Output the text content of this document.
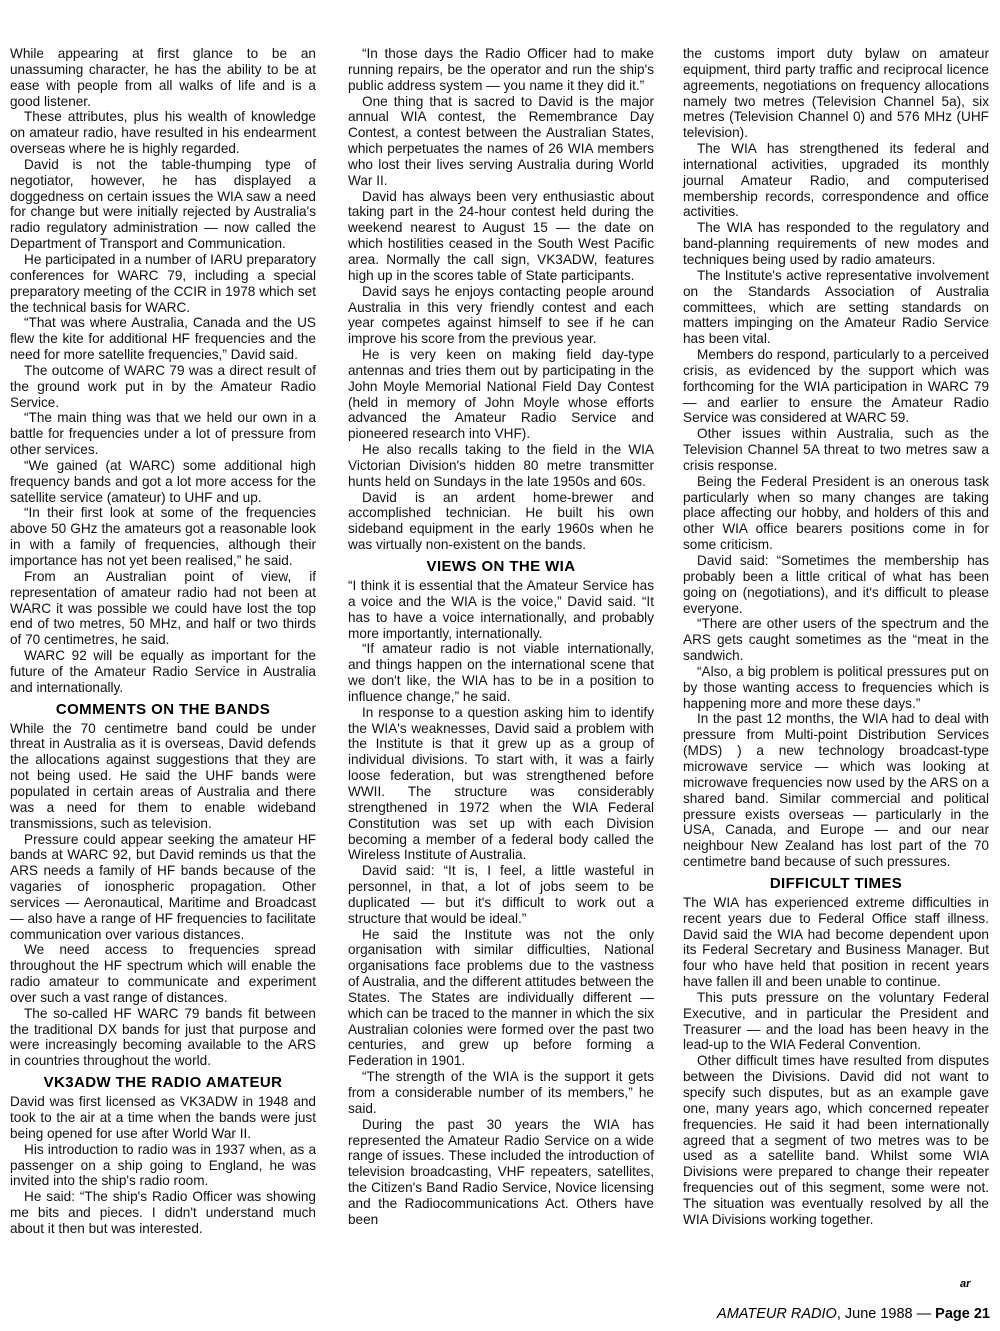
While appearing at first glance to be an unassuming character, he has the ability to be at ease with people from all walks of life and is a good listener.

These attributes, plus his wealth of knowledge on amateur radio, have resulted in his endearment overseas where he is highly regarded.

David is not the table-thumping type of negotiator, however, he has displayed a doggedness on certain issues the WIA saw a need for change but were initially rejected by Australia's radio regulatory administration — now called the Department of Transport and Communication.

He participated in a number of IARU preparatory conferences for WARC 79, including a special preparatory meeting of the CCIR in 1978 which set the technical basis for WARC.

“That was where Australia, Canada and the US flew the kite for additional HF frequencies and the need for more satellite frequencies,” David said.

The outcome of WARC 79 was a direct result of the ground work put in by the Amateur Radio Service.

“The main thing was that we held our own in a battle for frequencies under a lot of pressure from other services.

“We gained (at WARC) some additional high frequency bands and got a lot more access for the satellite service (amateur) to UHF and up.

“In their first look at some of the frequencies above 50 GHz the amateurs got a reasonable look in with a family of frequencies, although their importance has not yet been realised,” he said.

From an Australian point of view, if representation of amateur radio had not been at WARC it was possible we could have lost the top end of two metres, 50 MHz, and half or two thirds of 70 centimetres, he said.

WARC 92 will be equally as important for the future of the Amateur Radio Service in Australia and internationally.

COMMENTS ON THE BANDS

While the 70 centimetre band could be under threat in Australia as it is overseas, David defends the allocations against suggestions that they are not being used. He said the UHF bands were populated in certain areas of Australia and there was a need for them to enable wideband transmissions, such as television.

Pressure could appear seeking the amateur HF bands at WARC 92, but David reminds us that the ARS needs a family of HF bands because of the vagaries of ionospheric propagation. Other services — Aeronautical, Maritime and Broadcast — also have a range of HF frequencies to facilitate communication over various distances.

We need access to frequencies spread throughout the HF spectrum which will enable the radio amateur to communicate and experiment over such a vast range of distances.

The so-called HF WARC 79 bands fit between the traditional DX bands for just that purpose and were increasingly becoming available to the ARS in countries throughout the world.

VK3ADW THE RADIO AMATEUR

David was first licensed as VK3ADW in 1948 and took to the air at a time when the bands were just being opened for use after World War II.

His introduction to radio was in 1937 when, as a passenger on a ship going to England, he was invited into the ship's radio room.

He said: “The ship's Radio Officer was showing me bits and pieces. I didn't understand much about it then but was interested.

“In those days the Radio Officer had to make running repairs, be the operator and run the ship's public address system — you name it they did it.”

One thing that is sacred to David is the major annual WIA contest, the Remembrance Day Contest, a contest between the Australian States, which perpetuates the names of 26 WIA members who lost their lives serving Australia during World War II.

David has always been very enthusiastic about taking part in the 24-hour contest held during the weekend nearest to August 15 — the date on which hostilities ceased in the South West Pacific area. Normally the call sign, VK3ADW, features high up in the scores table of State participants.

David says he enjoys contacting people around Australia in this very friendly contest and each year competes against himself to see if he can improve his score from the previous year.

He is very keen on making field day-type antennas and tries them out by participating in the John Moyle Memorial National Field Day Contest (held in memory of John Moyle whose efforts advanced the Amateur Radio Service and pioneered research into VHF).

He also recalls taking to the field in the WIA Victorian Division's hidden 80 metre transmitter hunts held on Sundays in the late 1950s and 60s.

David is an ardent home-brewer and accomplished technician. He built his own sideband equipment in the early 1960s when he was virtually non-existent on the bands.

VIEWS ON THE WIA

“I think it is essential that the Amateur Service has a voice and the WIA is the voice,” David said. “It has to have a voice internationally, and probably more importantly, internationally.

“If amateur radio is not viable internationally, and things happen on the international scene that we don't like, the WIA has to be in a position to influence change,” he said.

In response to a question asking him to identify the WIA's weaknesses, David said a problem with the Institute is that it grew up as a group of individual divisions. To start with, it was a fairly loose federation, but was strengthened before WWII. The structure was considerably strengthened in 1972 when the WIA Federal Constitution was set up with each Division becoming a member of a federal body called the Wireless Institute of Australia.

David said: “It is, I feel, a little wasteful in personnel, in that, a lot of jobs seem to be duplicated — but it's difficult to work out a structure that would be ideal.”

He said the Institute was not the only organisation with similar difficulties, National organisations face problems due to the vastness of Australia, and the different attitudes between the States. The States are individually different — which can be traced to the manner in which the six Australian colonies were formed over the past two centuries, and grew up before forming a Federation in 1901.

“The strength of the WIA is the support it gets from a considerable number of its members,” he said.

During the past 30 years the WIA has represented the Amateur Radio Service on a wide range of issues. These included the introduction of television broadcasting, VHF repeaters, satellites, the Citizen's Band Radio Service, Novice licensing and the Radiocommunications Act. Others have been

the customs import duty bylaw on amateur equipment, third party traffic and reciprocal licence agreements, negotiations on frequency allocations namely two metres (Television Channel 5a), six metres (Television Channel 0) and 576 MHz (UHF television).

The WIA has strengthened its federal and international activities, upgraded its monthly journal Amateur Radio, and computerised membership records, correspondence and office activities.

The WIA has responded to the regulatory and band-planning requirements of new modes and techniques being used by radio amateurs.

The Institute's active representative involvement on the Standards Association of Australia committees, which are setting standards on matters impinging on the Amateur Radio Service has been vital.

Members do respond, particularly to a perceived crisis, as evidenced by the support which was forthcoming for the WIA participation in WARC 79 — and earlier to ensure the Amateur Radio Service was considered at WARC 59.

Other issues within Australia, such as the Television Channel 5A threat to two metres saw a crisis response.

Being the Federal President is an onerous task particularly when so many changes are taking place affecting our hobby, and holders of this and other WIA office bearers positions come in for some criticism.

David said: “Sometimes the membership has probably been a little critical of what has been going on (negotiations), and it's difficult to please everyone.

“There are other users of the spectrum and the ARS gets caught sometimes as the “meat in the sandwich.

“Also, a big problem is political pressures put on by those wanting access to frequencies which is happening more and more these days.”

In the past 12 months, the WIA had to deal with pressure from Multi-point Distribution Services (MDS) ) a new technology broadcast-type microwave service — which was looking at microwave frequencies now used by the ARS on a shared band. Similar commercial and political pressure exists overseas — particularly in the USA, Canada, and Europe — and our near neighbour New Zealand has lost part of the 70 centimetre band because of such pressures.

DIFFICULT TIMES

The WIA has experienced extreme difficulties in recent years due to Federal Office staff illness. David said the WIA had become dependent upon its Federal Secretary and Business Manager. But four who have held that position in recent years have fallen ill and been unable to continue.

This puts pressure on the voluntary Federal Executive, and in particular the President and Treasurer — and the load has been heavy in the lead-up to the WIA Federal Convention.

Other difficult times have resulted from disputes between the Divisions. David did not want to specify such disputes, but as an example gave one, many years ago, which concerned repeater frequencies. He said it had been internationally agreed that a segment of two metres was to be used as a satellite band. Whilst some WIA Divisions were prepared to change their repeater frequencies out of this segment, some were not. The situation was eventually resolved by all the WIA Divisions working together.

ar
AMATEUR RADIO, June 1988 — Page 21
